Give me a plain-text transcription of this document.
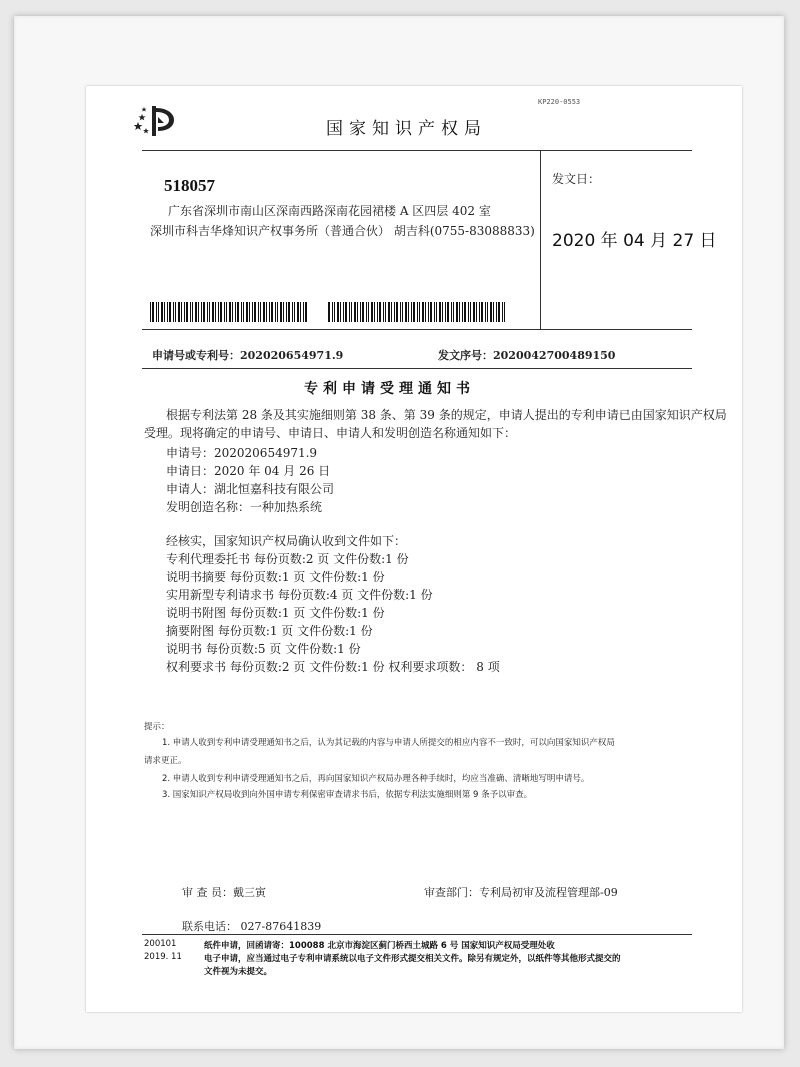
KP220-0553
国家知识产权局
518057
广东省深圳市南山区深南西路深南花园裙楼 A 区四层 402 室
深圳市科吉华烽知识产权事务所（普通合伙） 胡吉科(0755-83088833)
发文日：
2020 年 04 月 27 日
申请号或专利号：202020654971.9	发文序号：2020042700489150
专利申请受理通知书
根据专利法第 28 条及其实施细则第 38 条、第 39 条的规定，申请人提出的专利申请已由国家知识产权局
受理。现将确定的申请号、申请日、申请人和发明创造名称通知如下：
申请号：202020654971.9
申请日：2020 年 04 月 26 日
申请人：湖北恒嘉科技有限公司
发明创造名称：一种加热系统
经核实，国家知识产权局确认收到文件如下：
专利代理委托书 每份页数:2 页 文件份数:1 份
说明书摘要 每份页数:1 页 文件份数:1 份
实用新型专利请求书 每份页数:4 页 文件份数:1 份
说明书附图 每份页数:1 页 文件份数:1 份
摘要附图 每份页数:1 页 文件份数:1 份
说明书 每份页数:5 页 文件份数:1 份
权利要求书 每份页数:2 页 文件份数:1 份 权利要求项数： 8 项
提示：
1. 申请人收到专利申请受理通知书之后，认为其记载的内容与申请人所提交的相应内容不一致时，可以向国家知识产权局
请求更正。
2. 申请人收到专利申请受理通知书之后，再向国家知识产权局办理各种手续时，均应当准确、清晰地写明申请号。
3. 国家知识产权局收到向外国申请专利保密审查请求书后，依据专利法实施细则第 9 条予以审查。
审 查 员：戴三寅	审查部门：专利局初审及流程管理部-09
联系电话： 027-87641839
200101
2019. 11
纸件申请，回函请寄：100088 北京市海淀区蓟门桥西土城路 6 号 国家知识产权局受理处收
电子申请，应当通过电子专利申请系统以电子文件形式提交相关文件。除另有规定外，以纸件等其他形式提交的
文件视为未提交。
